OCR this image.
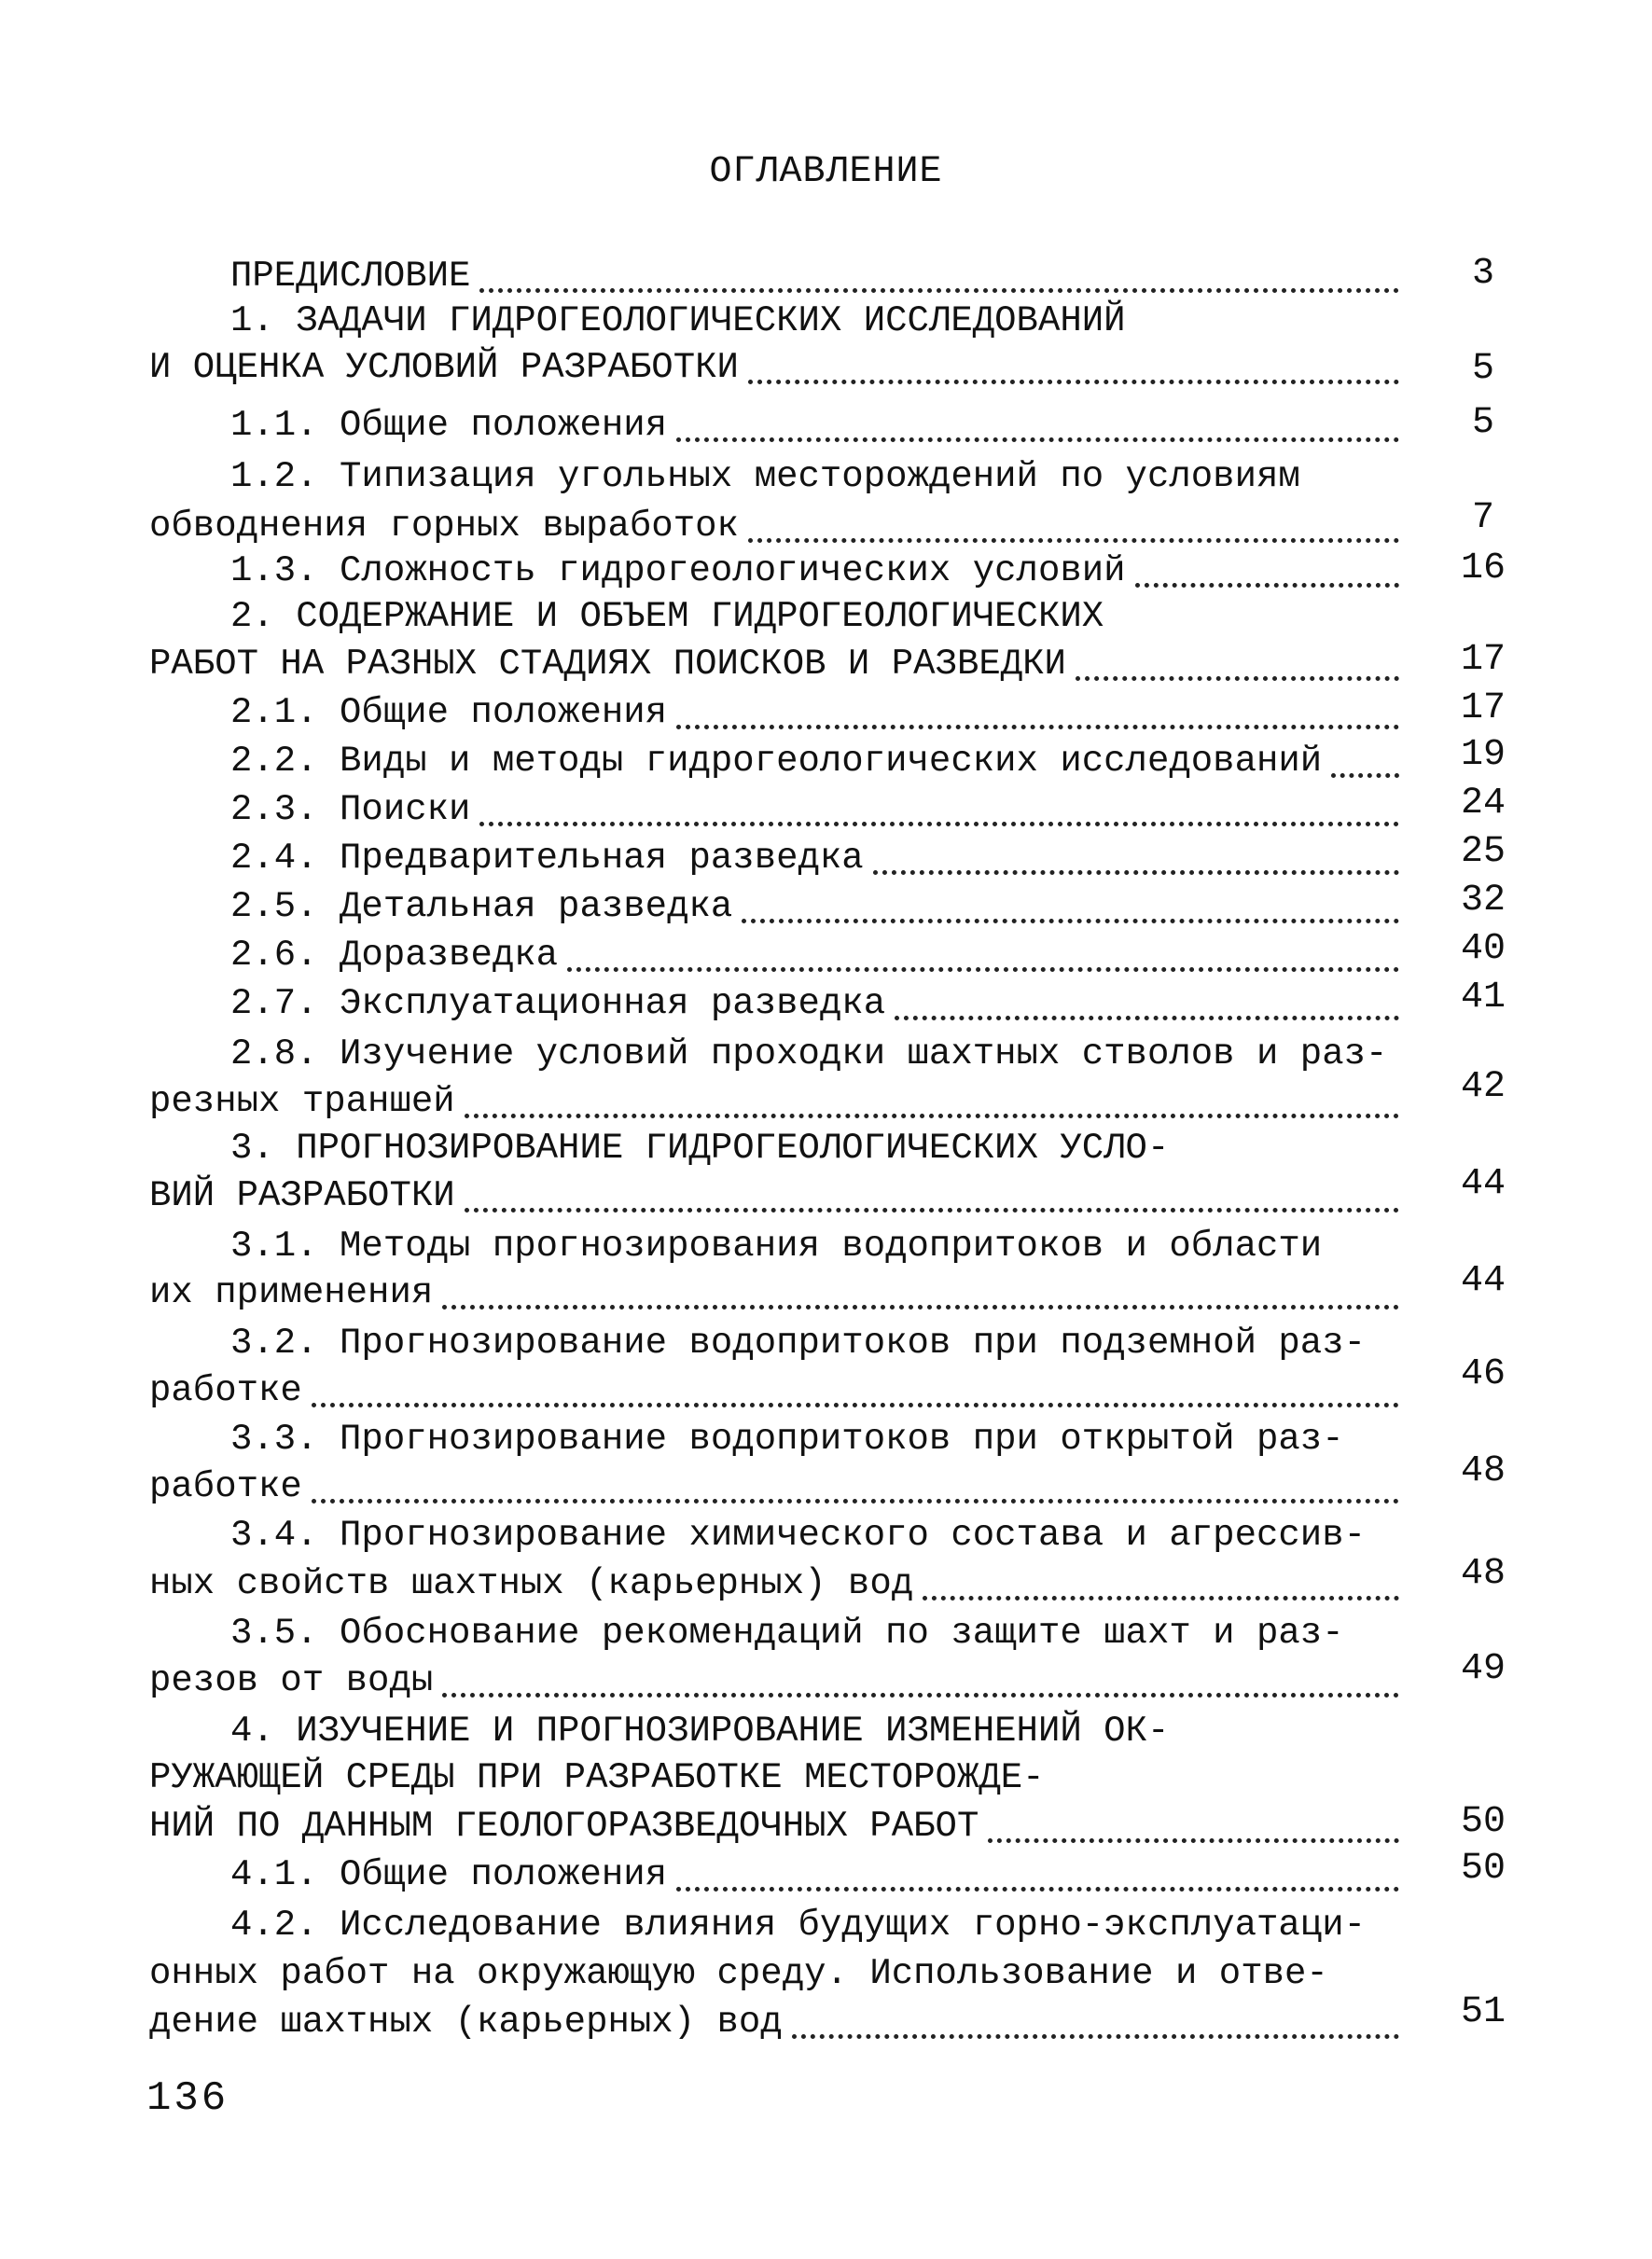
ОГЛАВЛЕНИЕ
ПРЕДИСЛОВИЕ	3
1. ЗАДАЧИ ГИДРОГЕОЛОГИЧЕСКИХ ИССЛЕДОВАНИЙ
И ОЦЕНКА УСЛОВИЙ РАЗРАБОТКИ	5
1.1. Общие положения	5
1.2. Типизация угольных месторождений по условиям
обводнения горных выработок	7
1.3. Сложность гидрогеологических условий	16
2. СОДЕРЖАНИЕ И ОБЪЕМ ГИДРОГЕОЛОГИЧЕСКИХ
РАБОТ НА РАЗНЫХ СТАДИЯХ ПОИСКОВ И РАЗВЕДКИ	17
2.1. Общие положения	17
2.2. Виды и методы гидрогеологических исследований	19
2.3. Поиски	24
2.4. Предварительная разведка	25
2.5. Детальная разведка	32
2.6. Доразведка	40
2.7. Эксплуатационная разведка	41
2.8. Изучение условий проходки шахтных стволов и раз-
резных траншей	42
3. ПРОГНОЗИРОВАНИЕ ГИДРОГЕОЛОГИЧЕСКИХ УСЛО-
ВИЙ РАЗРАБОТКИ	44
3.1. Методы прогнозирования водопритоков и области
их применения	44
3.2. Прогнозирование водопритоков при подземной раз-
работке	46
3.3. Прогнозирование водопритоков при открытой раз-
работке	48
3.4. Прогнозирование химического состава и агрессив-
ных свойств шахтных (карьерных) вод	48
3.5. Обоснование рекомендаций по защите шахт и раз-
резов от воды	49
4. ИЗУЧЕНИЕ И ПРОГНОЗИРОВАНИЕ ИЗМЕНЕНИЙ ОК-
РУЖАЮЩЕЙ СРЕДЫ ПРИ РАЗРАБОТКЕ МЕСТОРОЖДЕ-
НИЙ ПО ДАННЫМ ГЕОЛОГОРАЗВЕДОЧНЫХ РАБОТ	50
4.1. Общие положения	50
4.2. Исследование влияния будущих горно-эксплуатаци-
онных работ на окружающую среду. Использование и отве-
дение шахтных (карьерных) вод	51
136
